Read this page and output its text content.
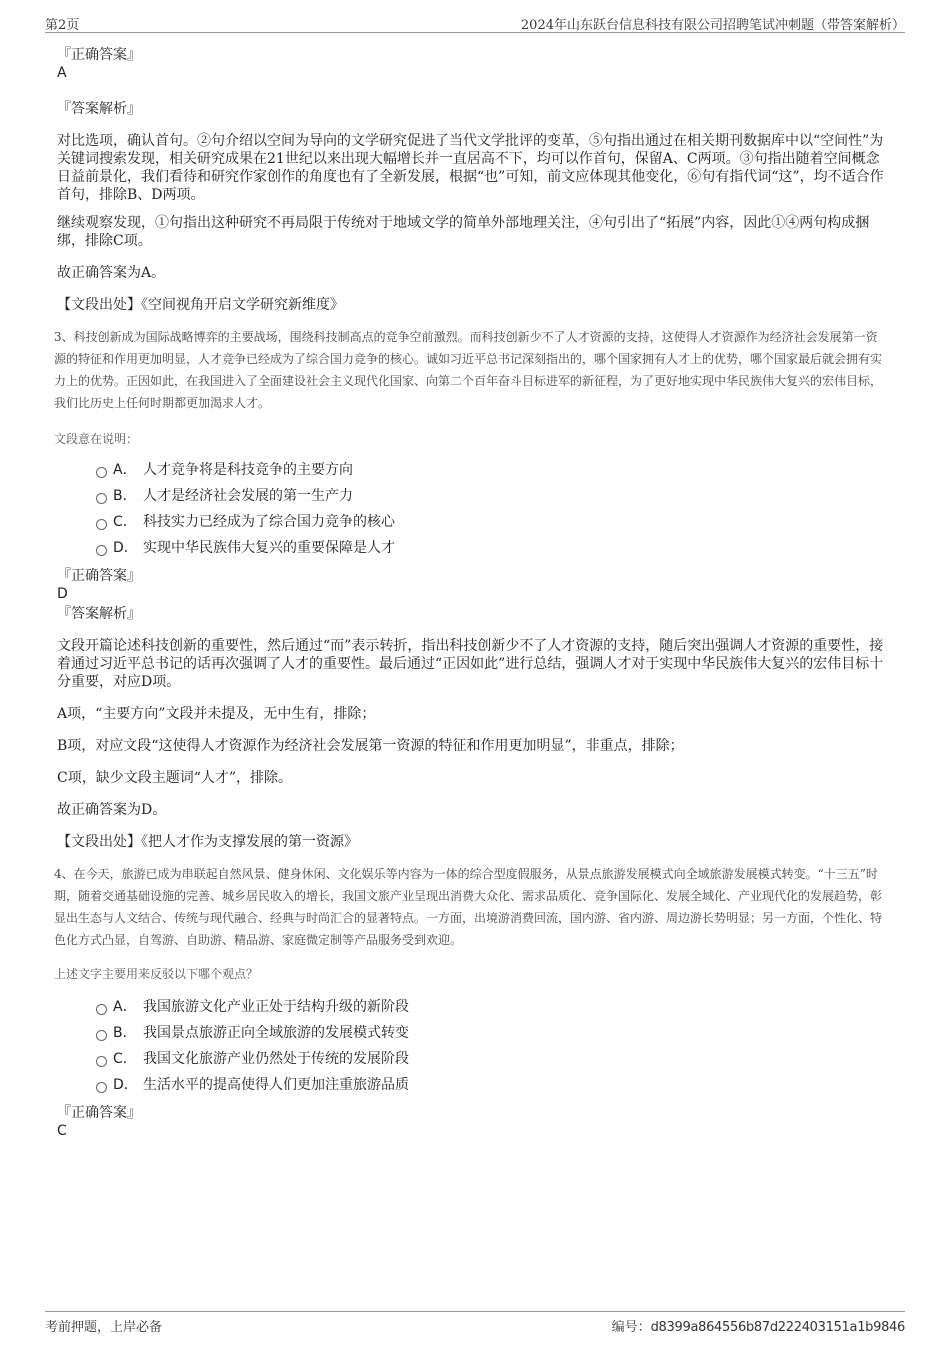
第2页	2024年山东跃台信息科技有限公司招聘笔试冲刺题（带答案解析）
『正确答案』
A
『答案解析』

对比选项，确认首句。②句介绍以空间为导向的文学研究促进了当代文学批评的变革，⑤句指出通过在相关期刊数据库中以“空间性”为关键词搜索发现，相关研究成果在21世纪以来出现大幅增长并一直居高不下，均可以作首句，保留A、C两项。③句指出随着空间概念日益前景化，我们看待和研究作家创作的角度也有了全新发展，根据“也”可知，前文应体现其他变化，⑥句有指代词“这”，均不适合作首句，排除B、D两项。

继续观察发现，①句指出这种研究不再局限于传统对于地域文学的简单外部地理关注，④句引出了“拓展”内容，因此①④两句构成捆绑，排除C项。

故正确答案为A。

【文段出处】《空间视角开启文学研究新维度》

3、科技创新成为国际战略博弈的主要战场，围绕科技制高点的竞争空前激烈。而科技创新少不了人才资源的支持，这使得人才资源作为经济社会发展第一资源的特征和作用更加明显，人才竞争已经成为了综合国力竞争的核心。诚如习近平总书记深刻指出的，哪个国家拥有人才上的优势，哪个国家最后就会拥有实力上的优势。正因如此，在我国进入了全面建设社会主义现代化国家、向第二个百年奋斗目标进军的新征程，为了更好地实现中华民族伟大复兴的宏伟目标，我们比历史上任何时期都更加渴求人才。

文段意在说明：

A． 人才竞争将是科技竞争的主要方向
B． 人才是经济社会发展的第一生产力
C． 科技实力已经成为了综合国力竞争的核心
D． 实现中华民族伟大复兴的重要保障是人才
『正确答案』
D
『答案解析』

文段开篇论述科技创新的重要性，然后通过“而”表示转折，指出科技创新少不了人才资源的支持，随后突出强调人才资源的重要性，接着通过习近平总书记的话再次强调了人才的重要性。最后通过“正因如此”进行总结，强调人才对于实现中华民族伟大复兴的宏伟目标十分重要，对应D项。

A项，“主要方向”文段并未提及，无中生有，排除；

B项，对应文段“这使得人才资源作为经济社会发展第一资源的特征和作用更加明显”，非重点，排除；

C项，缺少文段主题词“人才”，排除。

故正确答案为D。

【文段出处】《把人才作为支撑发展的第一资源》

4、在今天，旅游已成为串联起自然风景、健身休闲、文化娱乐等内容为一体的综合型度假服务，从景点旅游发展模式向全域旅游发展模式转变。“十三五”时期，随着交通基础设施的完善、城乡居民收入的增长，我国文旅产业呈现出消费大众化、需求品质化、竞争国际化、发展全域化、产业现代化的发展趋势，彰显出生态与人文结合、传统与现代融合、经典与时尚汇合的显著特点。一方面，出境游消费回流，国内游、省内游、周边游长势明显；另一方面，个性化、特色化方式凸显，自驾游、自助游、精品游、家庭微定制等产品服务受到欢迎。

上述文字主要用来反驳以下哪个观点？

A． 我国旅游文化产业正处于结构升级的新阶段
B． 我国景点旅游正向全域旅游的发展模式转变
C． 我国文化旅游产业仍然处于传统的发展阶段
D． 生活水平的提高使得人们更加注重旅游品质
『正确答案』
C
考前押题，上岸必备	编号：d8399a864556b87d222403151a1b9846
